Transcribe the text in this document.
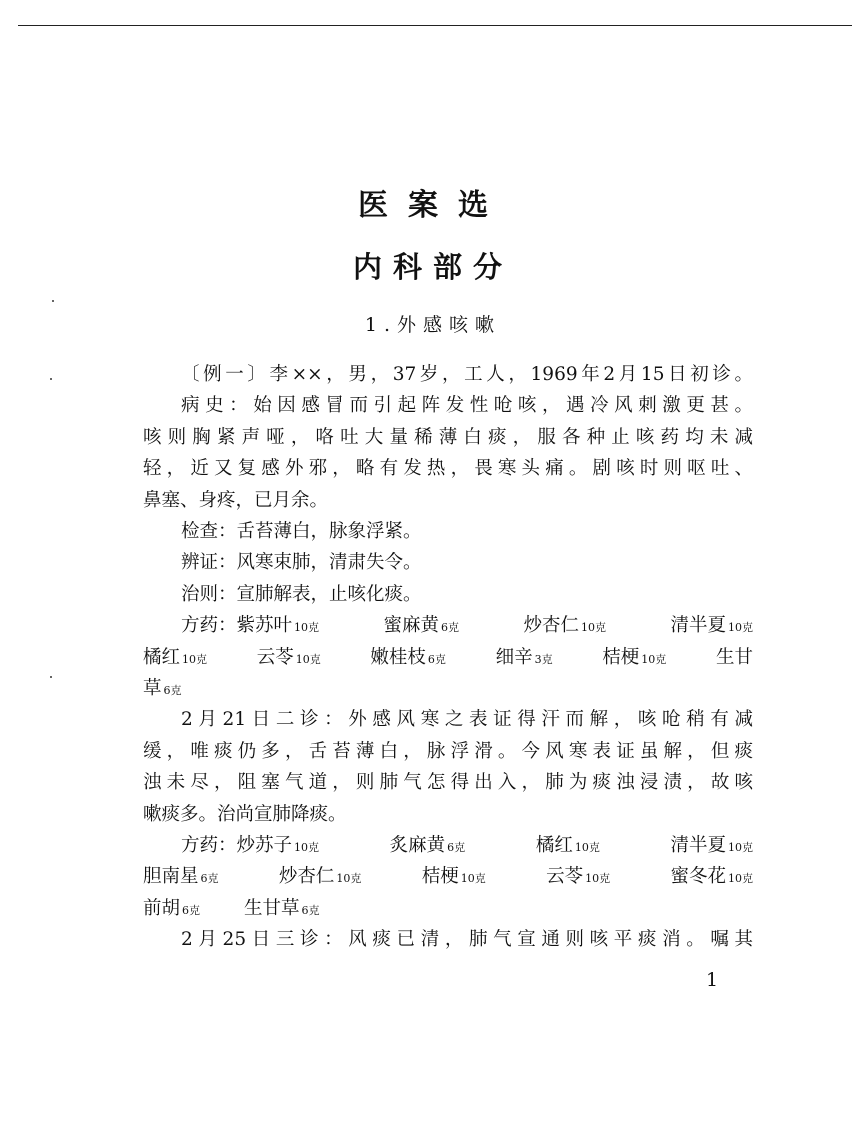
医案选
内科部分
1.外感咳嗽
〔例一〕李××，男，37岁，工人，1969年2月15日初诊。
病史：始因感冒而引起阵发性呛咳，遇冷风刺激更甚。
咳则胸紧声哑，咯吐大量稀薄白痰，服各种止咳药均未减
轻，近又复感外邪，略有发热，畏寒头痛。剧咳时则呕吐、
鼻塞、身疼，已月余。
检查：舌苔薄白，脉象浮紧。
辨证：风寒束肺，清肃失令。
治则：宣肺解表，止咳化痰。
方药：紫苏叶 10克	蜜麻黄 6克	炒杏仁 10克	清半夏 10克
橘红 10克	云苓 10克	嫩桂枝 6克	细辛 3克	桔梗 10克	生甘
草 6克
2月21日二诊：外感风寒之表证得汗而解，咳呛稍有减
缓，唯痰仍多，舌苔薄白，脉浮滑。今风寒表证虽解，但痰
浊未尽，阻塞气道，则肺气怎得出入，肺为痰浊浸渍，故咳
嗽痰多。治尚宣肺降痰。
方药：炒苏子 10克	炙麻黄 6克	橘红 10克	清半夏 10克
胆南星 6克	炒杏仁 10克	桔梗 10克	云苓 10克	蜜冬花 10克
前胡 6克 生甘草 6克
2月25日三诊：风痰已清，肺气宣通则咳平痰消。嘱其
1
